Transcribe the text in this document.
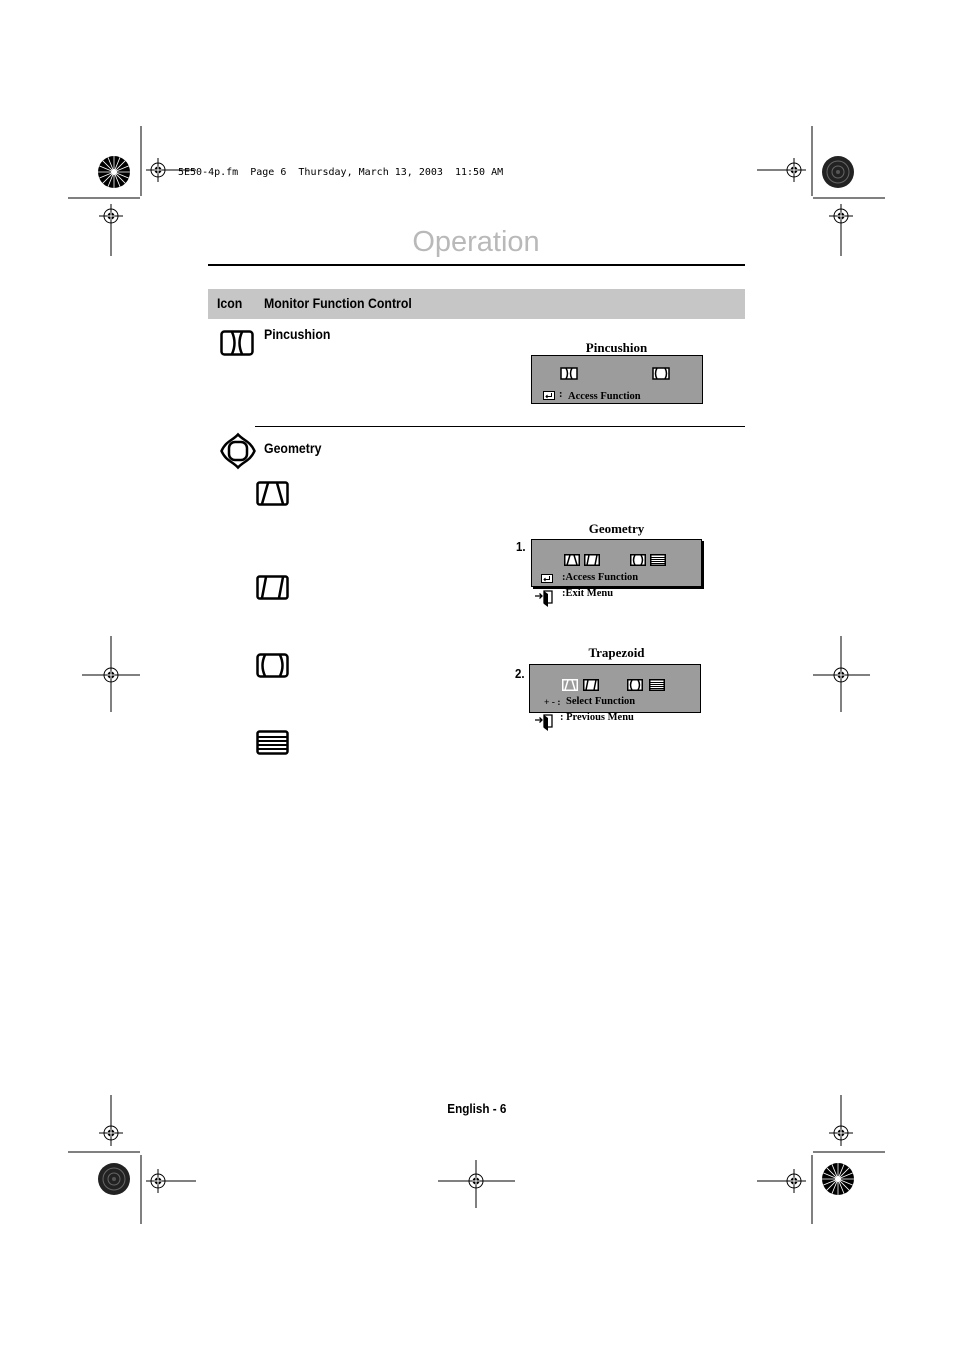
5E50-4p.fm  Page 6  Thursday, March 13, 2003  11:50 AM
Operation
Icon Monitor Function Control
Pincushion
Pincushion
: Access Function
Geometry
Geometry
1.
:Access Function
:Exit Menu
Trapezoid
2.
+ - : Select Function
: Previous Menu
English - 6
